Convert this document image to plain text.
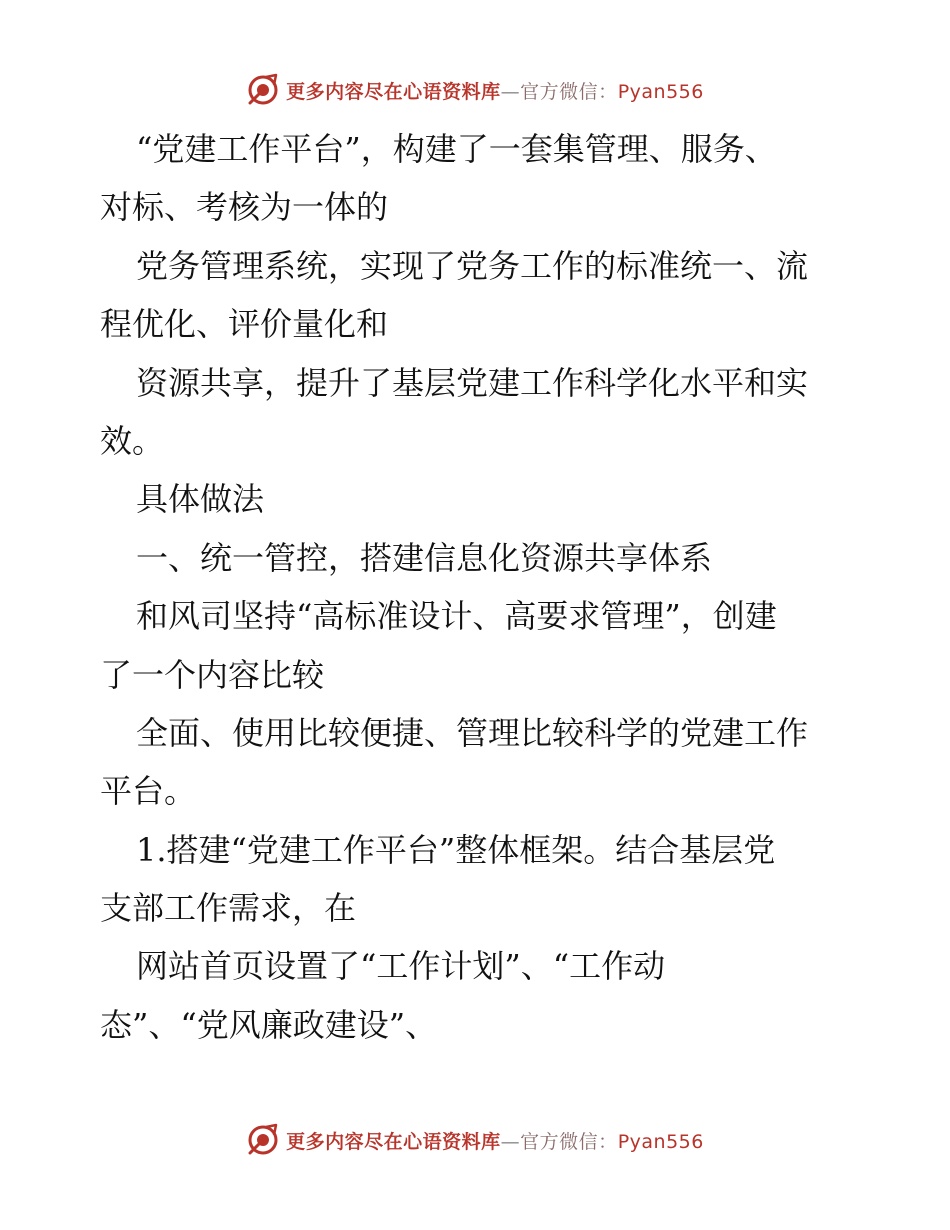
更多内容尽在心语资料库—官方微信：Pyan556
“党建工作平台”，构建了一套集管理、服务、
对标、考核为一体的
党务管理系统，实现了党务工作的标准统一、流
程优化、评价量化和
资源共享，提升了基层党建工作科学化水平和实
效。
具体做法
一、统一管控，搭建信息化资源共享体系
和风司坚持“高标准设计、高要求管理”，创建
了一个内容比较
全面、使用比较便捷、管理比较科学的党建工作
平台。
1.搭建“党建工作平台”整体框架。结合基层党
支部工作需求，在
网站首页设置了“工作计划”、“工作动
态”、“党风廉政建设”、
更多内容尽在心语资料库—官方微信：Pyan556
